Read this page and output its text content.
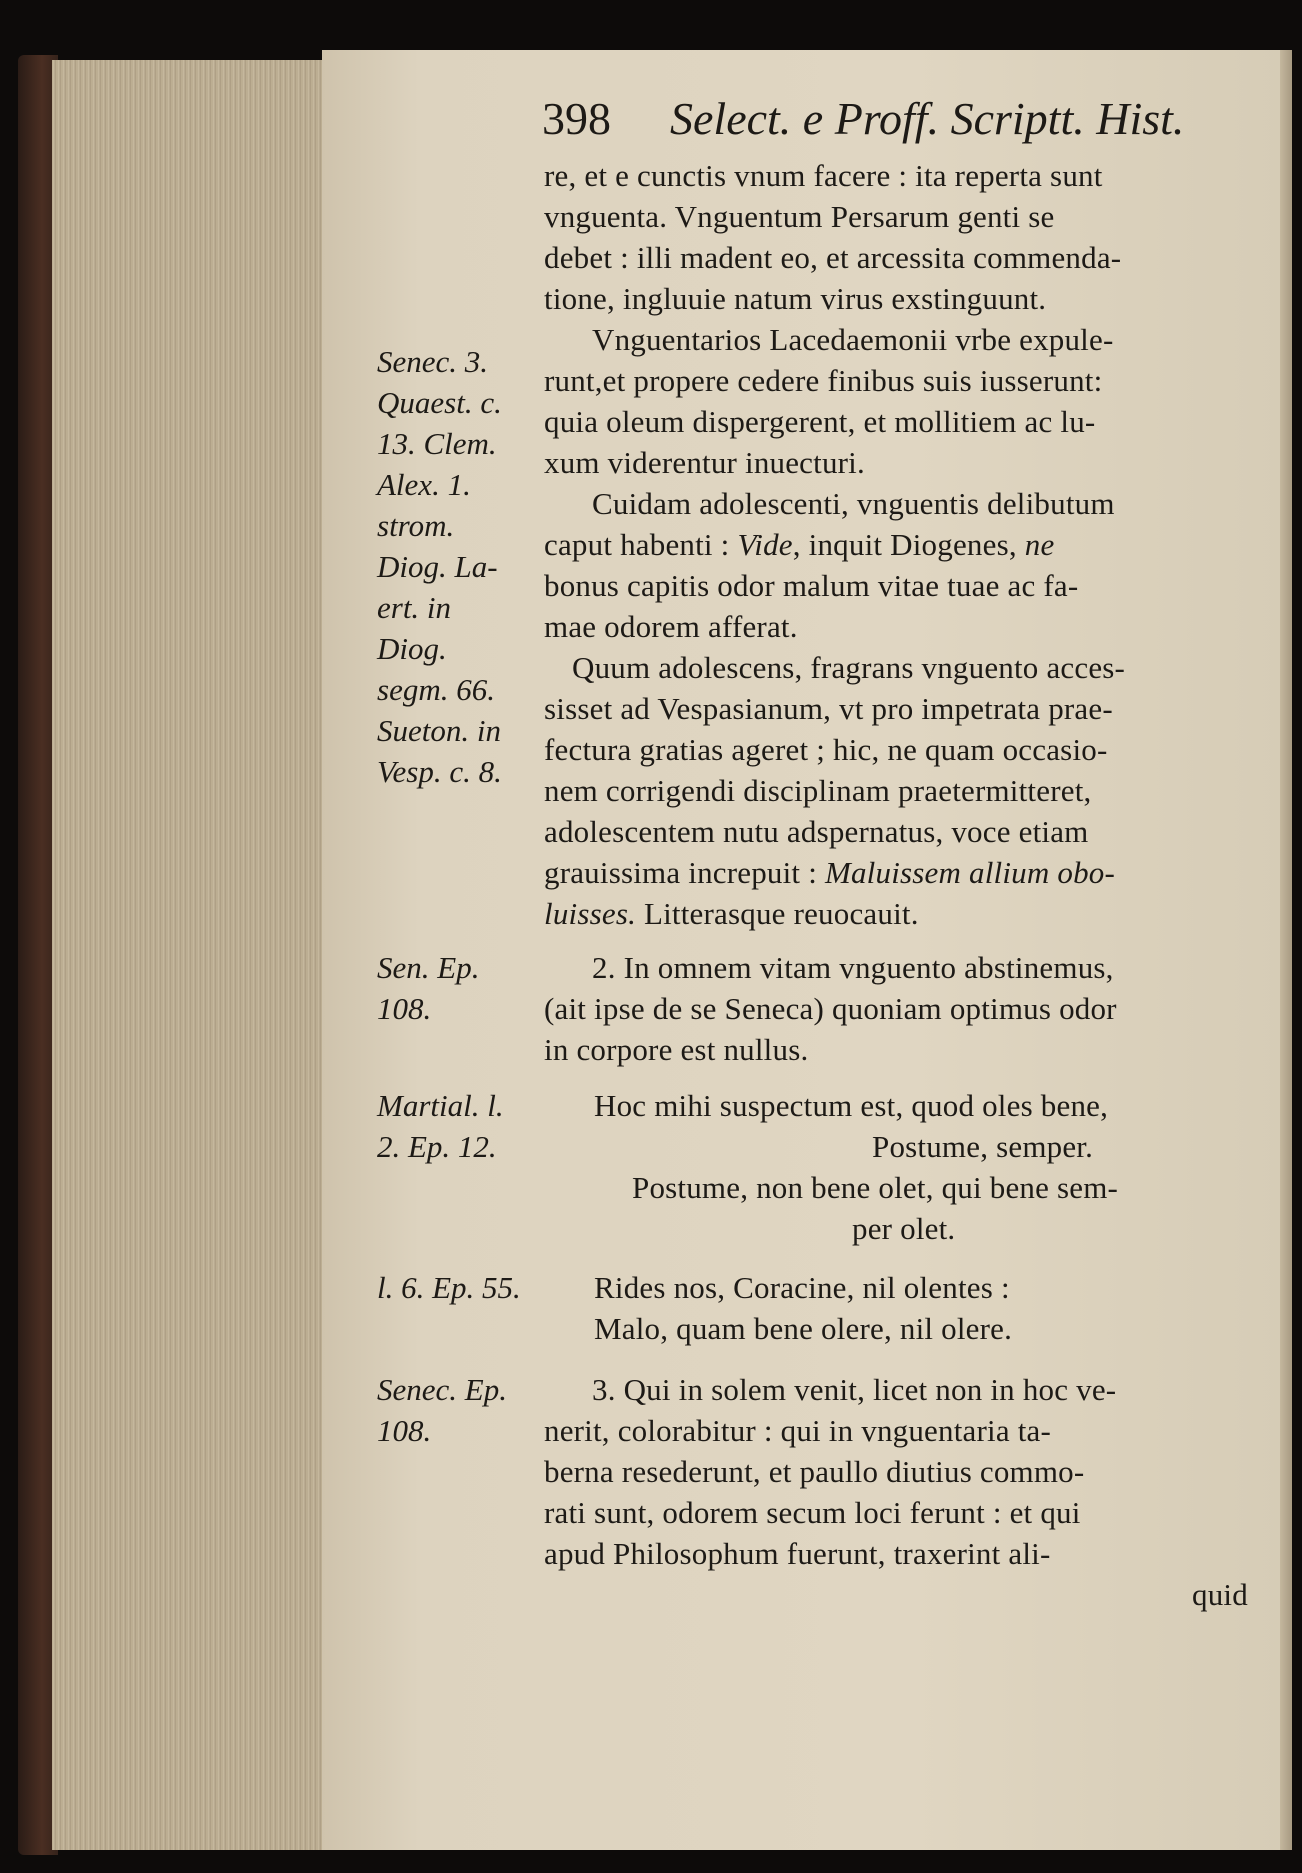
398 Select. e Proff. Scriptt. Hist.
re, et e cunctis vnum facere : ita reperta sunt
vnguenta. Vnguentum Persarum genti se
debet : illi madent eo, et arcessita commenda-
tione, ingluuie natum virus exstinguunt.
Vnguentarios Lacedaemonii vrbe expule-
runt,et propere cedere finibus suis iusserunt:
quia oleum dispergerent, et mollitiem ac lu-
xum viderentur inuecturi.
Cuidam adolescenti, vnguentis delibutum
caput habenti : Vide, inquit Diogenes, ne
bonus capitis odor malum vitae tuae ac fa-
mae odorem afferat.
Quum adolescens, fragrans vnguento acces-
sisset ad Vespasianum, vt pro impetrata prae-
fectura gratias ageret ; hic, ne quam occasio-
nem corrigendi disciplinam praetermitteret,
adolescentem nutu adspernatus, voce etiam
grauissima increpuit : Maluissem allium obo-
luisses. Litterasque reuocauit.
2. In omnem vitam vnguento abstinemus,
(ait ipse de se Seneca) quoniam optimus odor
in corpore est nullus.
Hoc mihi suspectum est, quod oles bene,
Postume, semper.
Postume, non bene olet, qui bene sem-
per olet.
Rides nos, Coracine, nil olentes :
Malo, quam bene olere, nil olere.
3. Qui in solem venit, licet non in hoc ve-
nerit, colorabitur : qui in vnguentaria ta-
berna resederunt, et paullo diutius commo-
rati sunt, odorem secum loci ferunt : et qui
apud Philosophum fuerunt, traxerint ali-
quid
Senec. 3.
Quaest. c.
13. Clem.
Alex. 1.
strom.
Diog. La-
ert. in
Diog.
segm. 66.
Sueton. in
Vesp. c. 8.
Sen. Ep.
108.
Martial. l.
2. Ep. 12.
l. 6. Ep. 55.
Senec. Ep.
108.
